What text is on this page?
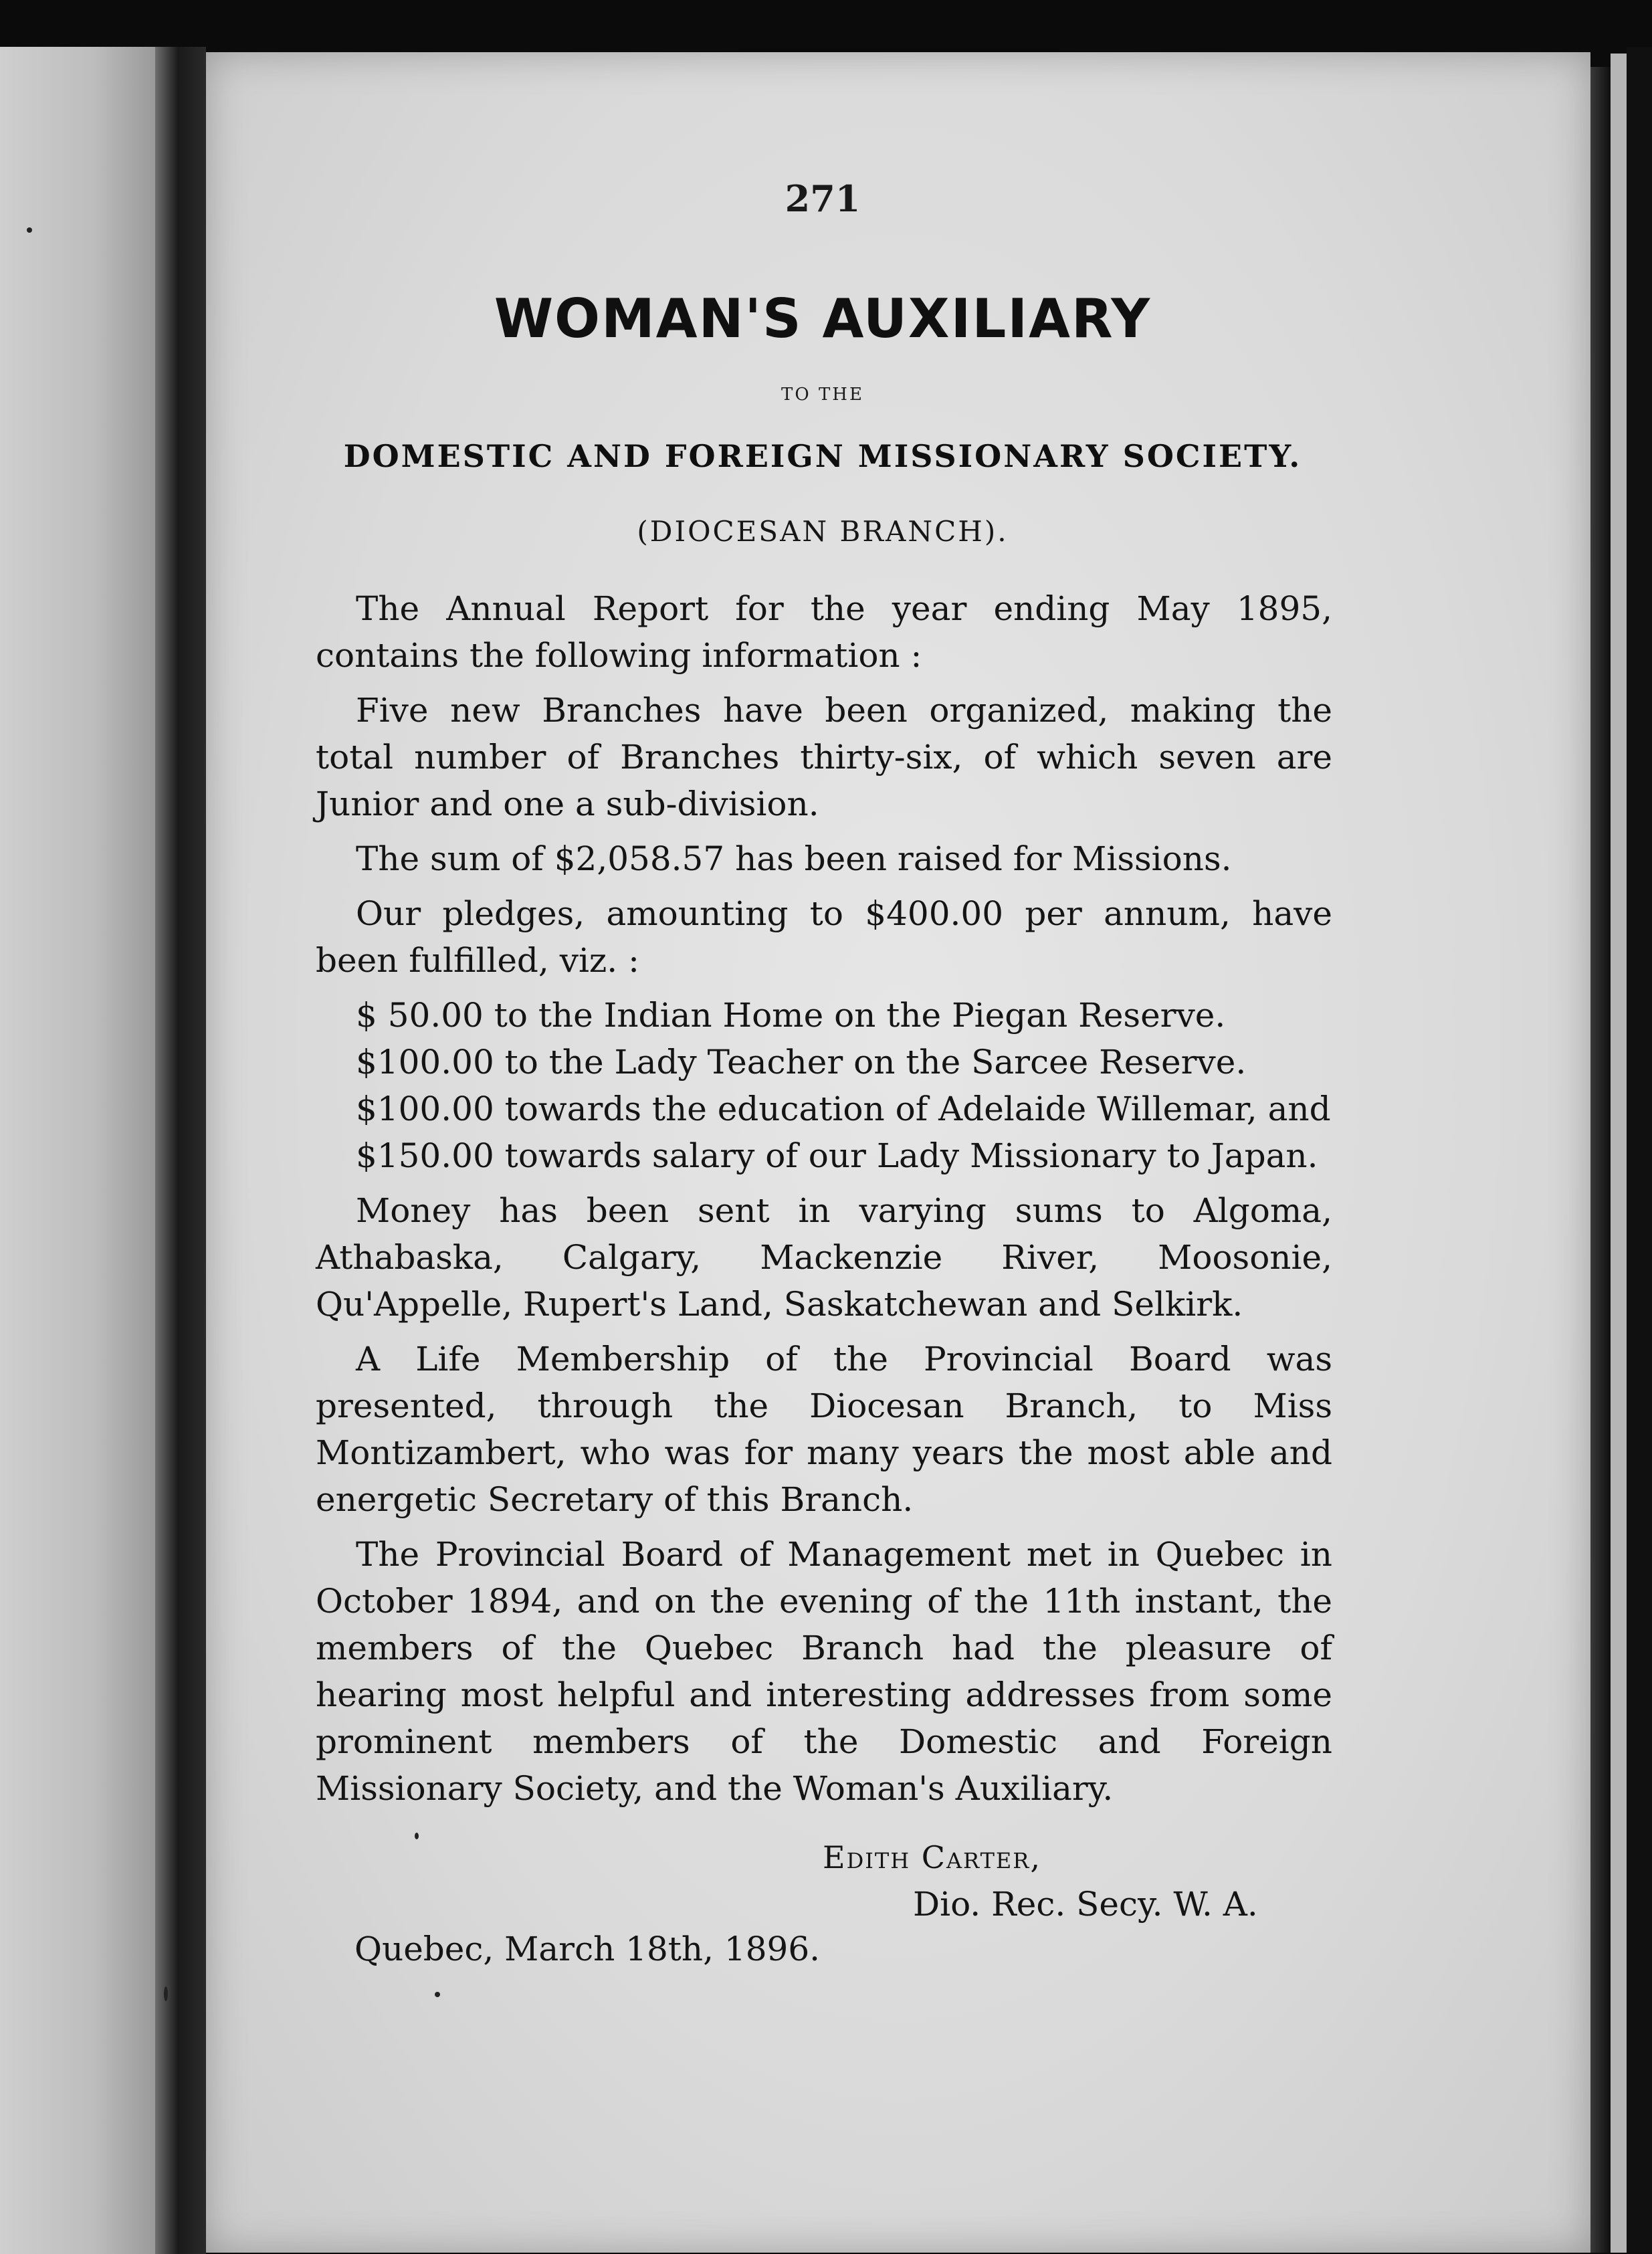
271
WOMAN'S AUXILIARY
TO THE
DOMESTIC AND FOREIGN MISSIONARY SOCIETY.
(DIOCESAN BRANCH).

The Annual Report for the year ending May 1895, contains the following information :

Five new Branches have been organized, making the total number of Branches thirty-six, of which seven are Junior and one a sub-division.

The sum of $2,058.57 has been raised for Missions.

Our pledges, amounting to $400.00 per annum, have been fulfilled, viz. :

$ 50.00 to the Indian Home on the Piegan Reserve.
$100.00 to the Lady Teacher on the Sarcee Reserve.
$100.00 towards the education of Adelaide Willemar, and
$150.00 towards salary of our Lady Missionary to Japan.

Money has been sent in varying sums to Algoma, Athabaska, Calgary, Mackenzie River, Moosonie, Qu'Appelle, Rupert's Land, Saskatchewan and Selkirk.

A Life Membership of the Provincial Board was presented, through the Diocesan Branch, to Miss Montizambert, who was for many years the most able and energetic Secretary of this Branch.

The Provincial Board of Management met in Quebec in October 1894, and on the evening of the 11th instant, the members of the Quebec Branch had the pleasure of hearing most helpful and interesting addresses from some prominent members of the Domestic and Foreign Missionary Society, and the Woman's Auxiliary.

Edith Carter,
Dio. Rec. Secy. W. A.
Quebec, March 18th, 1896.
